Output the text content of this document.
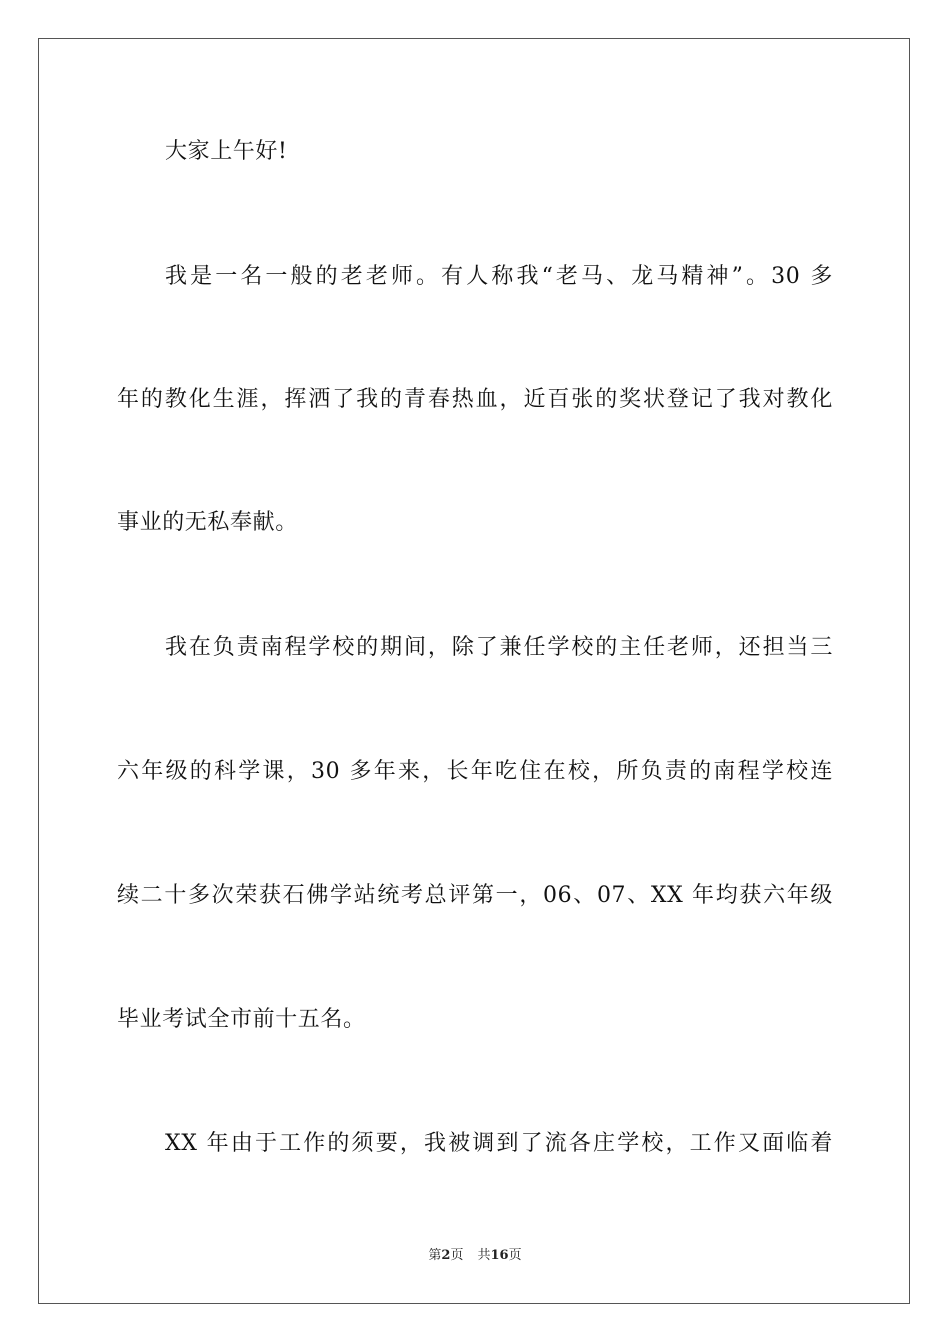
大家上午好!
我是一名一般的老老师。有人称我“老马、龙马精神”。30 多
年的教化生涯，挥洒了我的青春热血，近百张的奖状登记了我对教化
事业的无私奉献。
我在负责南程学校的期间，除了兼任学校的主任老师，还担当三
六年级的科学课，30 多年来，长年吃住在校，所负责的南程学校连
续二十多次荣获石佛学站统考总评第一，06、07、XX 年均获六年级
毕业考试全市前十五名。
XX 年由于工作的须要，我被调到了流各庄学校，工作又面临着
第2页 共16页
